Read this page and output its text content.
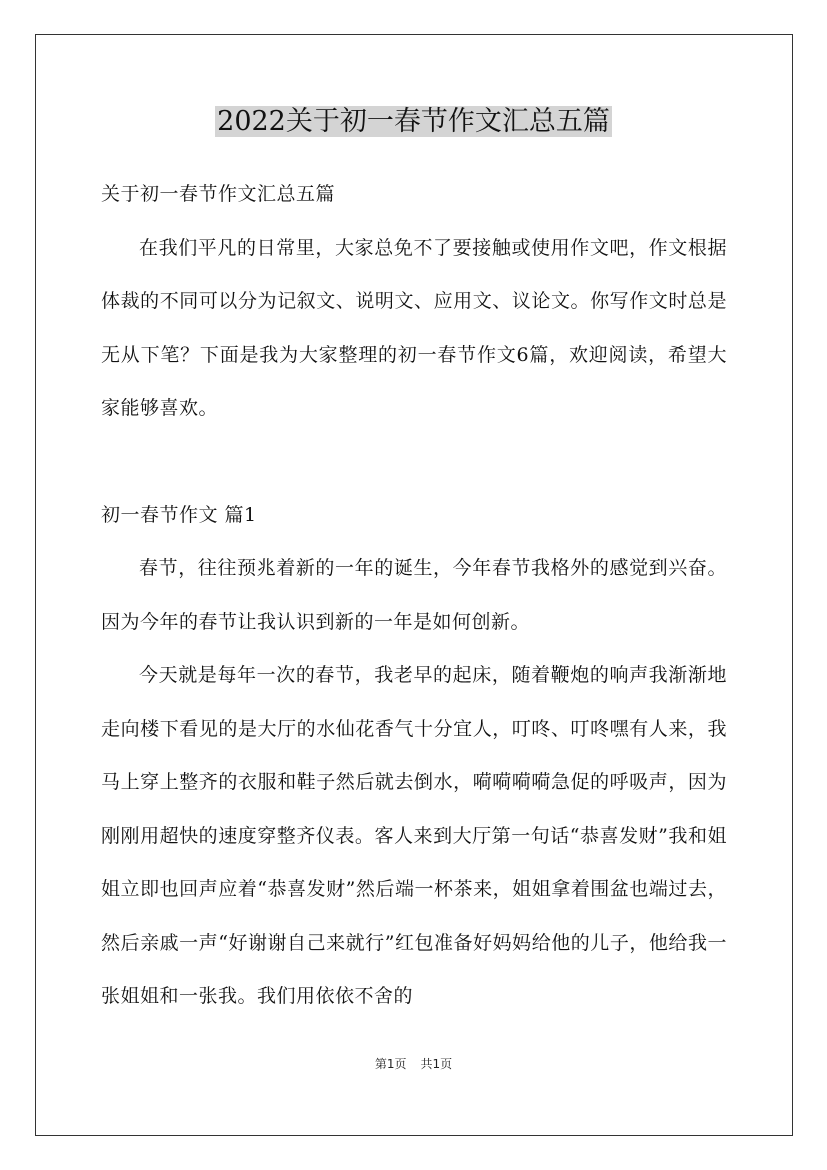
2022关于初一春节作文汇总五篇

关于初一春节作文汇总五篇

在我们平凡的日常里，大家总免不了要接触或使用作文吧，作文根据体裁的不同可以分为记叙文、说明文、应用文、议论文。你写作文时总是无从下笔？下面是我为大家整理的初一春节作文6篇，欢迎阅读，希望大家能够喜欢。

初一春节作文 篇1

春节，往往预兆着新的一年的诞生，今年春节我格外的感觉到兴奋。因为今年的春节让我认识到新的一年是如何创新。

今天就是每年一次的春节，我老早的起床，随着鞭炮的响声我渐渐地走向楼下看见的是大厅的水仙花香气十分宜人，叮咚、叮咚嘿有人来，我马上穿上整齐的衣服和鞋子然后就去倒水，嗬嗬嗬嗬急促的呼吸声，因为刚刚用超快的速度穿整齐仪表。客人来到大厅第一句话“恭喜发财”我和姐姐立即也回声应着“恭喜发财”然后端一杯茶来，姐姐拿着围盆也端过去，然后亲戚一声“好谢谢自己来就行”红包准备好妈妈给他的儿子，他给我一张姐姐和一张我。我们用依依不舍的

第1页 共1页
